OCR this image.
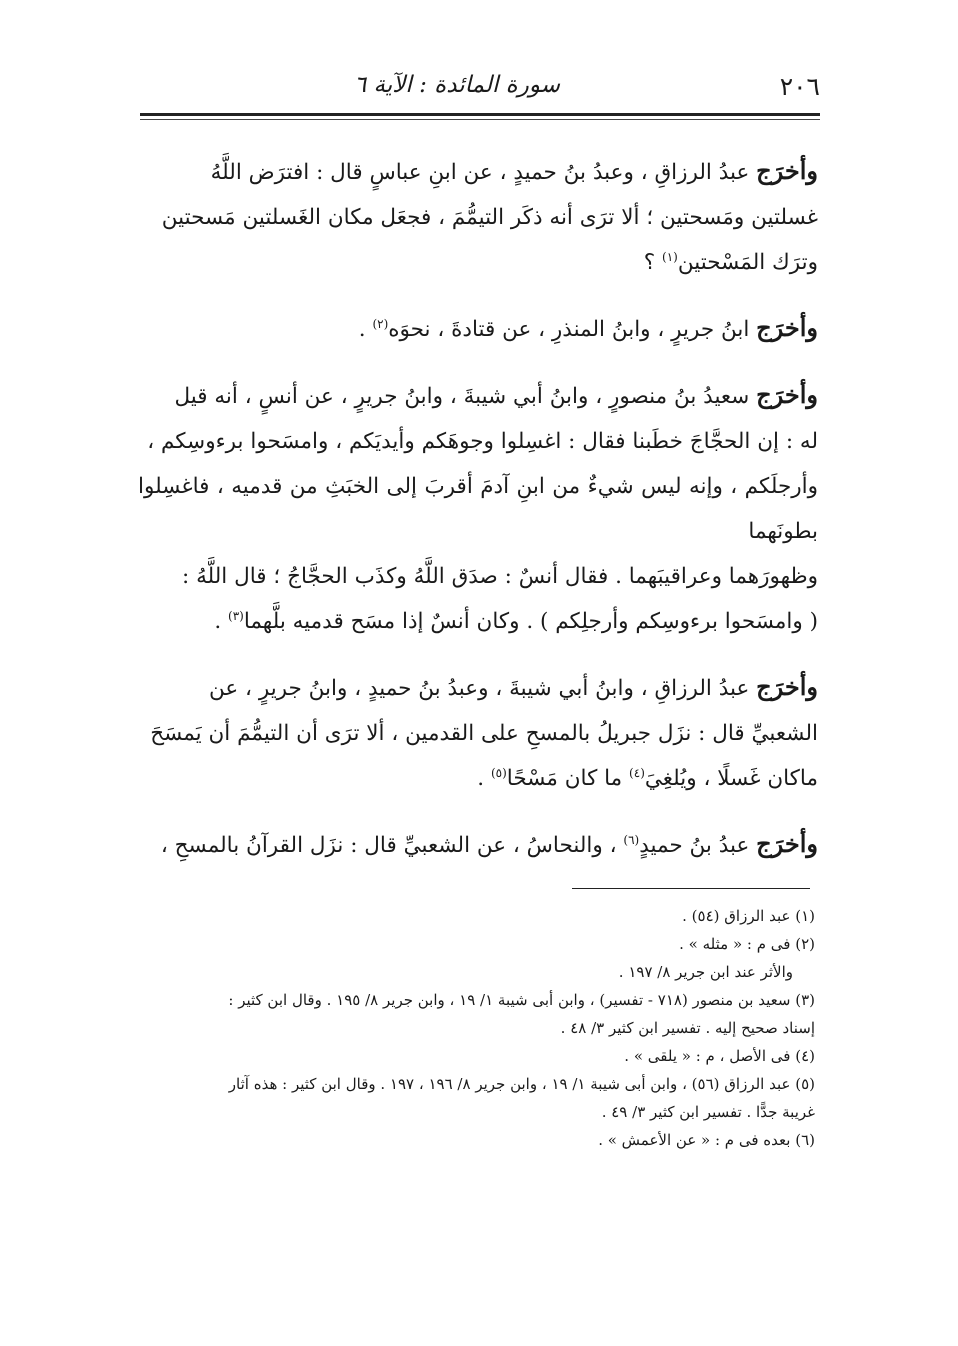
٢٠٦
سورة المائدة : الآية ٦

وأخرَج عبدُ الرزاقِ ، وعبدُ بنُ حميدٍ ، عن ابنِ عباسٍ قال : افترَض اللَّهُ
غسلتين ومَسحتين ؛ ألا ترَى أنه ذكَر التيمُّمَ ، فجعَل مكان الغَسلتين مَسحتين
وترَك المَسْحتين$^{(١)}$ ؟

وأخرَج ابنُ جريرٍ ، وابنُ المنذرِ ، عن قتادةَ ، نحوَه$^{(٢)}$ .

وأخرَج سعيدُ بنُ منصورٍ ، وابنُ أبي شيبةَ ، وابنُ جريرٍ ، عن أنسٍ ، أنه قيل
له : إن الحجَّاجَ خطَبنا فقال : اغسِلوا وجوهَكم وأيديَكم ، وامسَحوا برءوسِكم ،
وأرجلَكم ، وإنه ليس شيءٌ من ابنِ آدمَ أقربَ إلى الخبَثِ من قدميه ، فاغسِلوا بطونَهما
وظهورَهما وعراقيبَهما . فقال أنسٌ : صدَق اللَّهُ وكذَب الحجَّاجُ ؛ قال اللَّهُ :
( وامسَحوا برءوسِكم وأرجلِكم ) . وكان أنسٌ إذا مسَح قدميه بلَّهما$^{(٣)}$ .

وأخرَج عبدُ الرزاقِ ، وابنُ أبي شيبةَ ، وعبدُ بنُ حميدٍ ، وابنُ جريرٍ ، عن
الشعبيِّ قال : نزَل جبريلُ بالمسحِ على القدمين ، ألا ترَى أن التيمُّمَ أن يَمسَحَ
ماكان غَسلًا ، ويُلغِيَ$^{(٤)}$ ما كان مَسْحًا$^{(٥)}$ .

وأخرَج عبدُ بنُ حميدٍ$^{(٦)}$ ، والنحاسُ ، عن الشعبيِّ قال : نزَل القرآنُ بالمسحِ ،

(١) عبد الرزاق (٥٤) .
(٢) فى م : « مثله » .
والأثر عند ابن جرير ٨/ ١٩٧ .
(٣) سعيد بن منصور (٧١٨ - تفسير) ، وابن أبى شيبة ١/ ١٩ ، وابن جرير ٨/ ١٩٥ . وقال ابن كثير :
إسناد صحيح إليه . تفسير ابن كثير ٣/ ٤٨ .
(٤) فى الأصل ، م : « يلقى » .
(٥) عبد الرزاق (٥٦) ، وابن أبى شيبة ١/ ١٩ ، وابن جرير ٨/ ١٩٦ ، ١٩٧ . وقال ابن كثير : هذه آثار
غريبة جدًّا . تفسير ابن كثير ٣/ ٤٩ .
(٦) بعده فى م : « عن الأعمش » .
